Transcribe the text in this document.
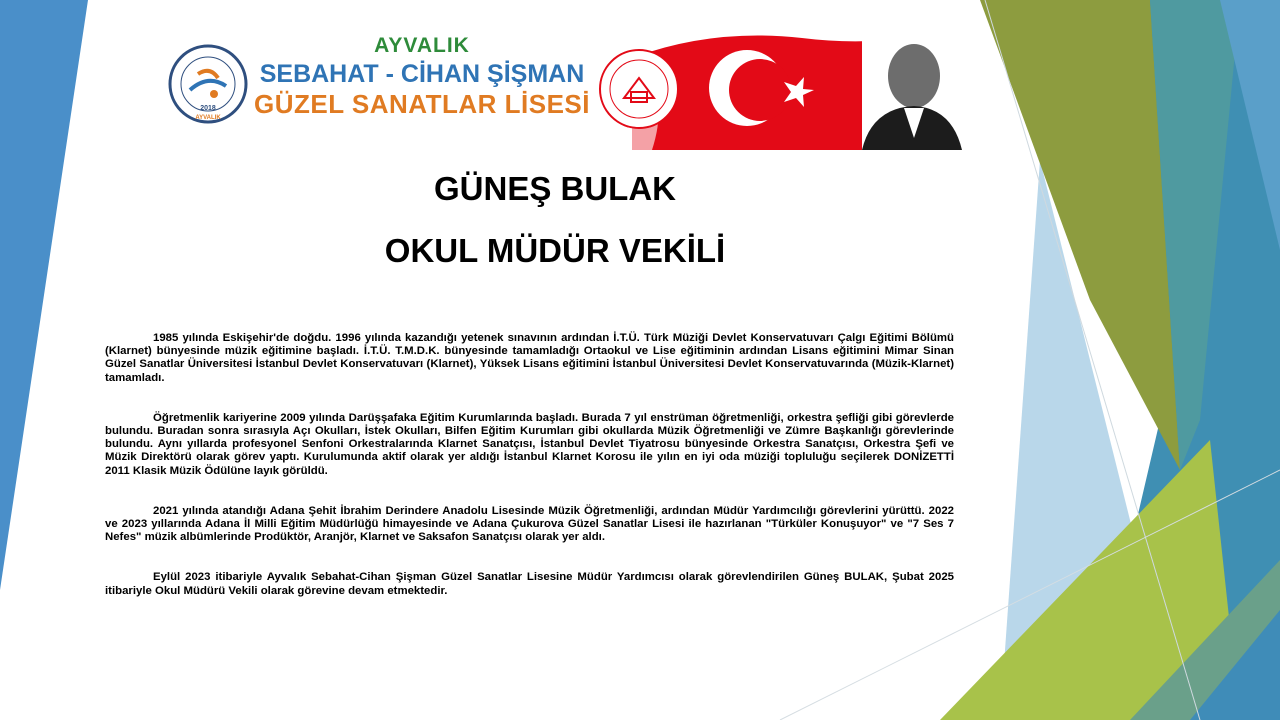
2018
AYVALIK
AYVALIK
SEBAHAT - CİHAN ŞİŞMAN
GÜZEL SANATLAR LİSESİ
GÜNEŞ BULAK
OKUL MÜDÜR VEKİLİ

1985 yılında Eskişehir'de doğdu. 1996 yılında kazandığı yetenek sınavının ardından İ.T.Ü. Türk Müziği Devlet Konservatuvarı Çalgı Eğitimi Bölümü (Klarnet) bünyesinde müzik eğitimine başladı. İ.T.Ü. T.M.D.K. bünyesinde tamamladığı Ortaokul ve Lise eğitiminin ardından Lisans eğitimini Mimar Sinan Güzel Sanatlar Üniversitesi İstanbul Devlet Konservatuvarı (Klarnet), Yüksek Lisans eğitimini İstanbul Üniversitesi Devlet Konservatuvarında (Müzik-Klarnet) tamamladı.

Öğretmenlik kariyerine 2009 yılında Darüşşafaka Eğitim Kurumlarında başladı. Burada 7 yıl enstrüman öğretmenliği, orkestra şefliği gibi görevlerde bulundu. Buradan sonra sırasıyla Açı Okulları, İstek Okulları, Bilfen Eğitim Kurumları gibi okullarda Müzik Öğretmenliği ve Zümre Başkanlığı görevlerinde bulundu. Aynı yıllarda profesyonel Senfoni Orkestralarında Klarnet Sanatçısı, İstanbul Devlet Tiyatrosu bünyesinde Orkestra Sanatçısı, Orkestra Şefi ve Müzik Direktörü olarak görev yaptı. Kurulumunda aktif olarak yer aldığı İstanbul Klarnet Korosu ile yılın en iyi oda müziği topluluğu seçilerek DONİZETTİ 2011 Klasik Müzik Ödülüne layık görüldü.

2021 yılında atandığı Adana Şehit İbrahim Derindere Anadolu Lisesinde Müzik Öğretmenliği, ardından Müdür Yardımcılığı görevlerini yürüttü. 2022 ve 2023 yıllarında Adana İl Milli Eğitim Müdürlüğü himayesinde ve Adana Çukurova Güzel Sanatlar Lisesi ile hazırlanan "Türküler Konuşuyor" ve "7 Ses 7 Nefes" müzik albümlerinde Prodüktör, Aranjör, Klarnet ve Saksafon Sanatçısı olarak yer aldı.

Eylül 2023 itibariyle Ayvalık Sebahat-Cihan Şişman Güzel Sanatlar Lisesine Müdür Yardımcısı olarak görevlendirilen Güneş BULAK, Şubat 2025 itibariyle Okul Müdürü Vekili olarak görevine devam etmektedir.
